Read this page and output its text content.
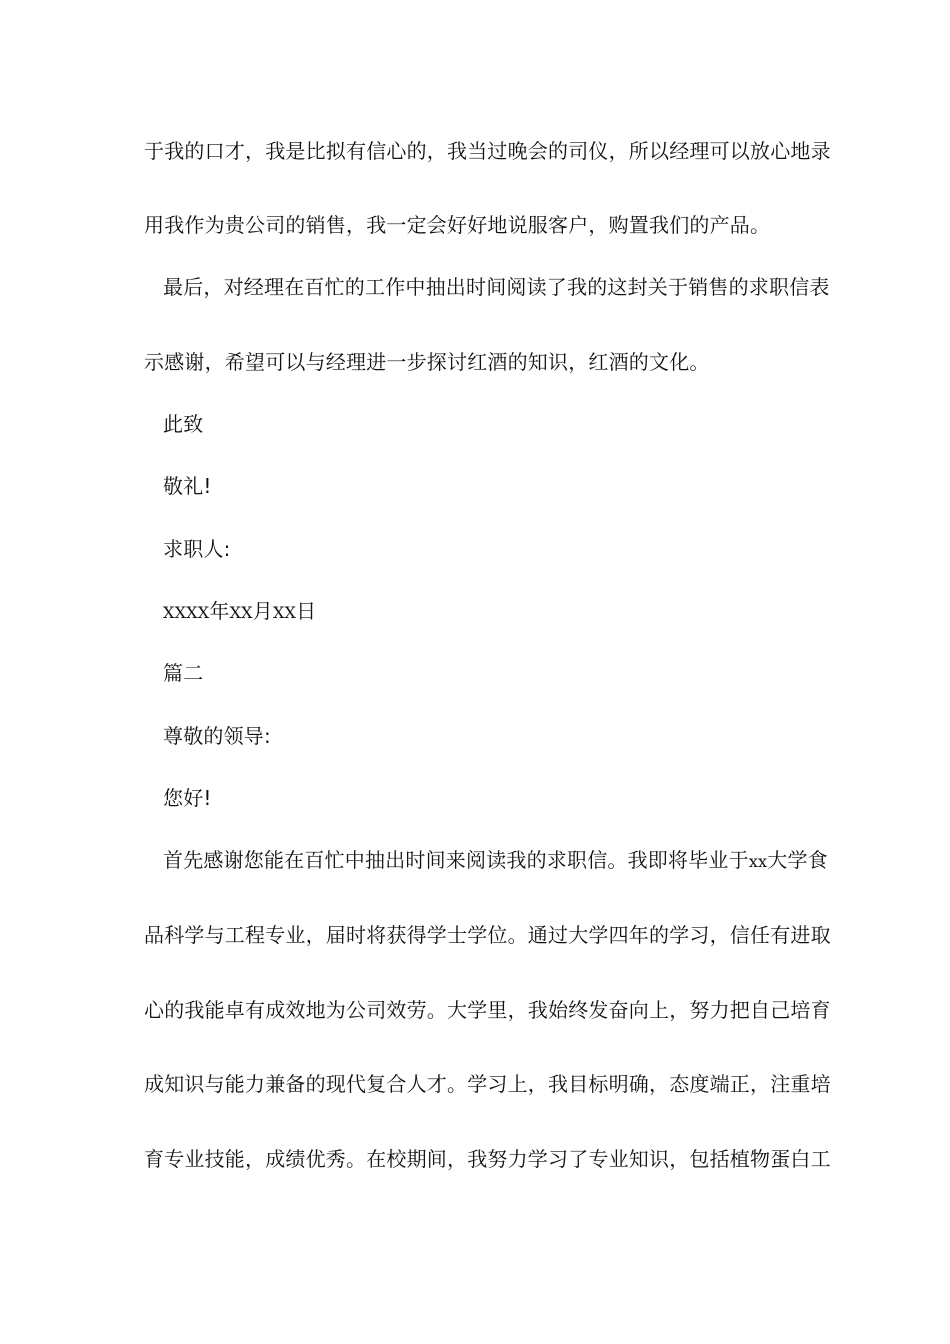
于我的口才，我是比拟有信心的，我当过晚会的司仪，所以经理可以放心地录
用我作为贵公司的销售，我一定会好好地说服客户，购置我们的产品。
最后，对经理在百忙的工作中抽出时间阅读了我的这封关于销售的求职信表
示感谢，希望可以与经理进一步探讨红酒的知识，红酒的文化。
此致
敬礼!
求职人:
XXXX年XX月XX日
篇二
尊敬的领导:
您好!
首先感谢您能在百忙中抽出时间来阅读我的求职信。我即将毕业于xx大学食
品科学与工程专业，届时将获得学士学位。通过大学四年的学习，信任有进取
心的我能卓有成效地为公司效劳。大学里，我始终发奋向上，努力把自己培育
成知识与能力兼备的现代复合人才。学习上，我目标明确，态度端正，注重培
育专业技能，成绩优秀。在校期间，我努力学习了专业知识，包括植物蛋白工
